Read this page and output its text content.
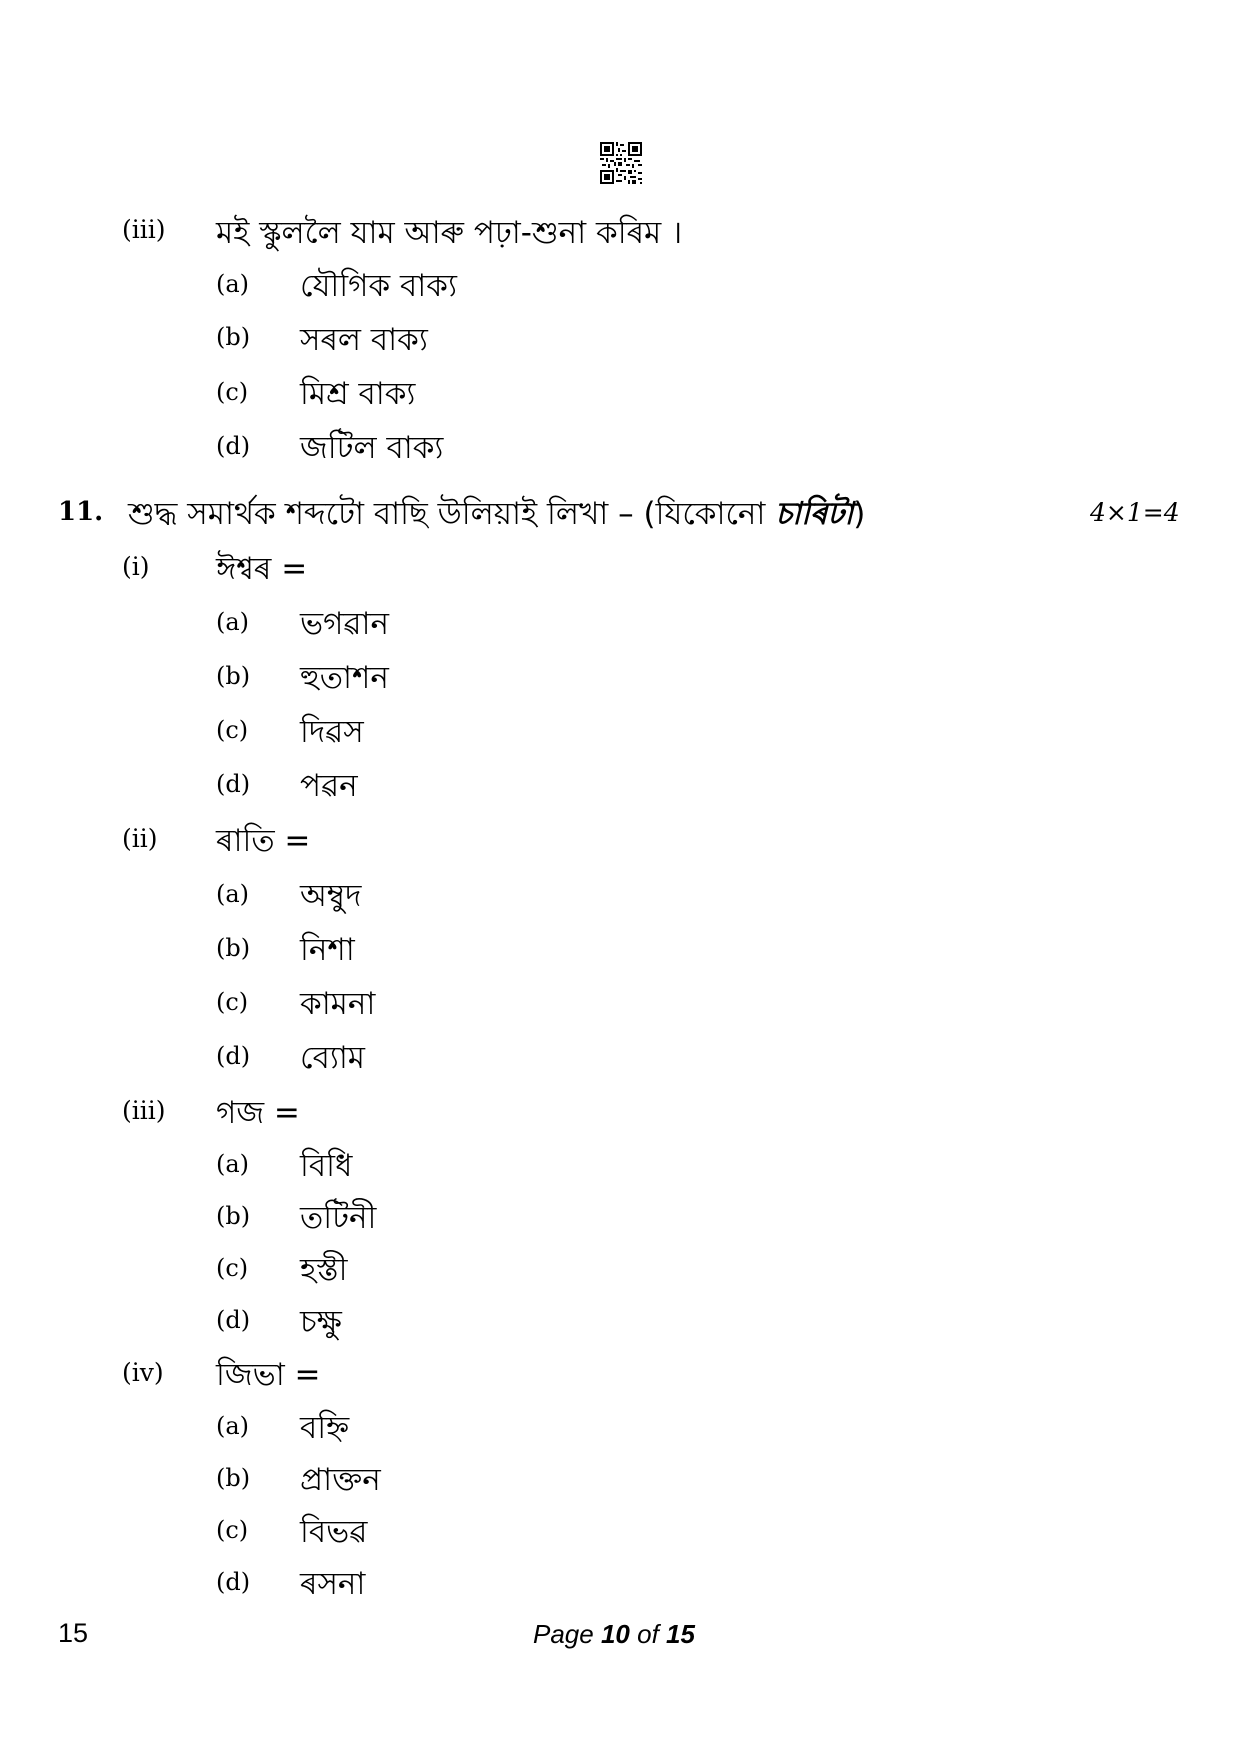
(iii) মই স্কুললৈ যাম আৰু পঢ়া-শুনা কৰিম ।
(a) যৌগিক বাক্য
(b) সৰল বাক্য
(c) মিশ্ৰ বাক্য
(d) জটিল বাক্য
11. শুদ্ধ সমাৰ্থক শব্দটো বাছি উলিয়াই লিখা – (যিকোনো চাৰিটা)	4×1=4
(i) ঈশ্বৰ =
(a) ভগৱান
(b) হুতাশন
(c) দিৱস
(d) পৱন
(ii) ৰাতি =
(a) অম্বুদ
(b) নিশা
(c) কামনা
(d) ব্যোম
(iii) গজ =
(a) বিধি
(b) তটিনী
(c) হস্তী
(d) চক্ষু
(iv) জিভা =
(a) বহ্নি
(b) প্ৰাক্তন
(c) বিভৱ
(d) ৰসনা
15	Page 10 of 15
